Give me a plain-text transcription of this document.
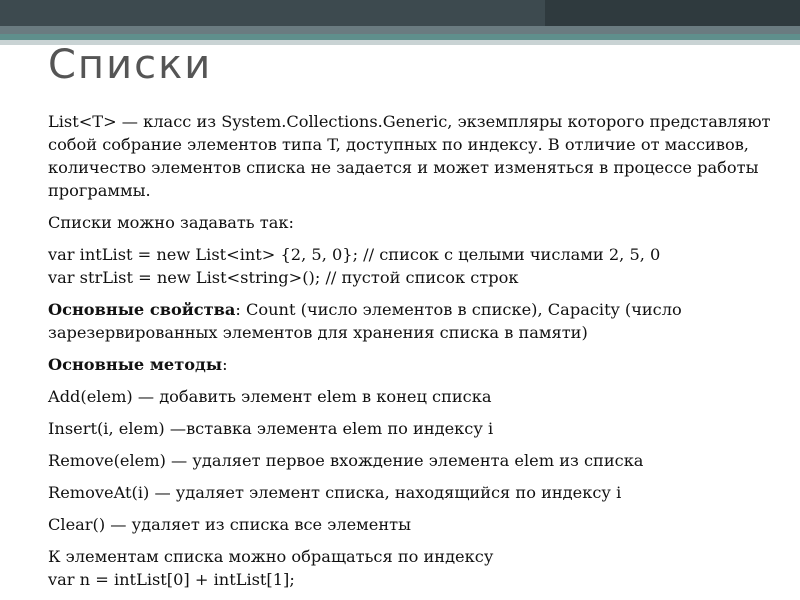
Списки

List<T> — класс из System.Collections.Generic, экземпляры которого представляют собой собрание элементов типа T, доступных по индексу. В отличие от массивов, количество элементов списка не задается и может изменяться в процессе работы программы.

Списки можно задавать так:

var intList = new List<int> {2, 5, 0}; // список с целыми числами 2, 5, 0
var strList = new List<string>(); // пустой список строк

Основные свойства: Count (число элементов в списке), Capacity (число зарезервированных элементов для хранения списка в памяти)

Основные методы:

Add(elem) — добавить элемент elem в конец списка

Insert(i, elem) —вставка элемента elem по индексу i

Remove(elem) — удаляет первое вхождение элемента elem из списка

RemoveAt(i) — удаляет элемент списка, находящийся по индексу i

Clear() — удаляет из списка все элементы

К элементам списка можно обращаться по индексу
var n = intList[0] + intList[1];
